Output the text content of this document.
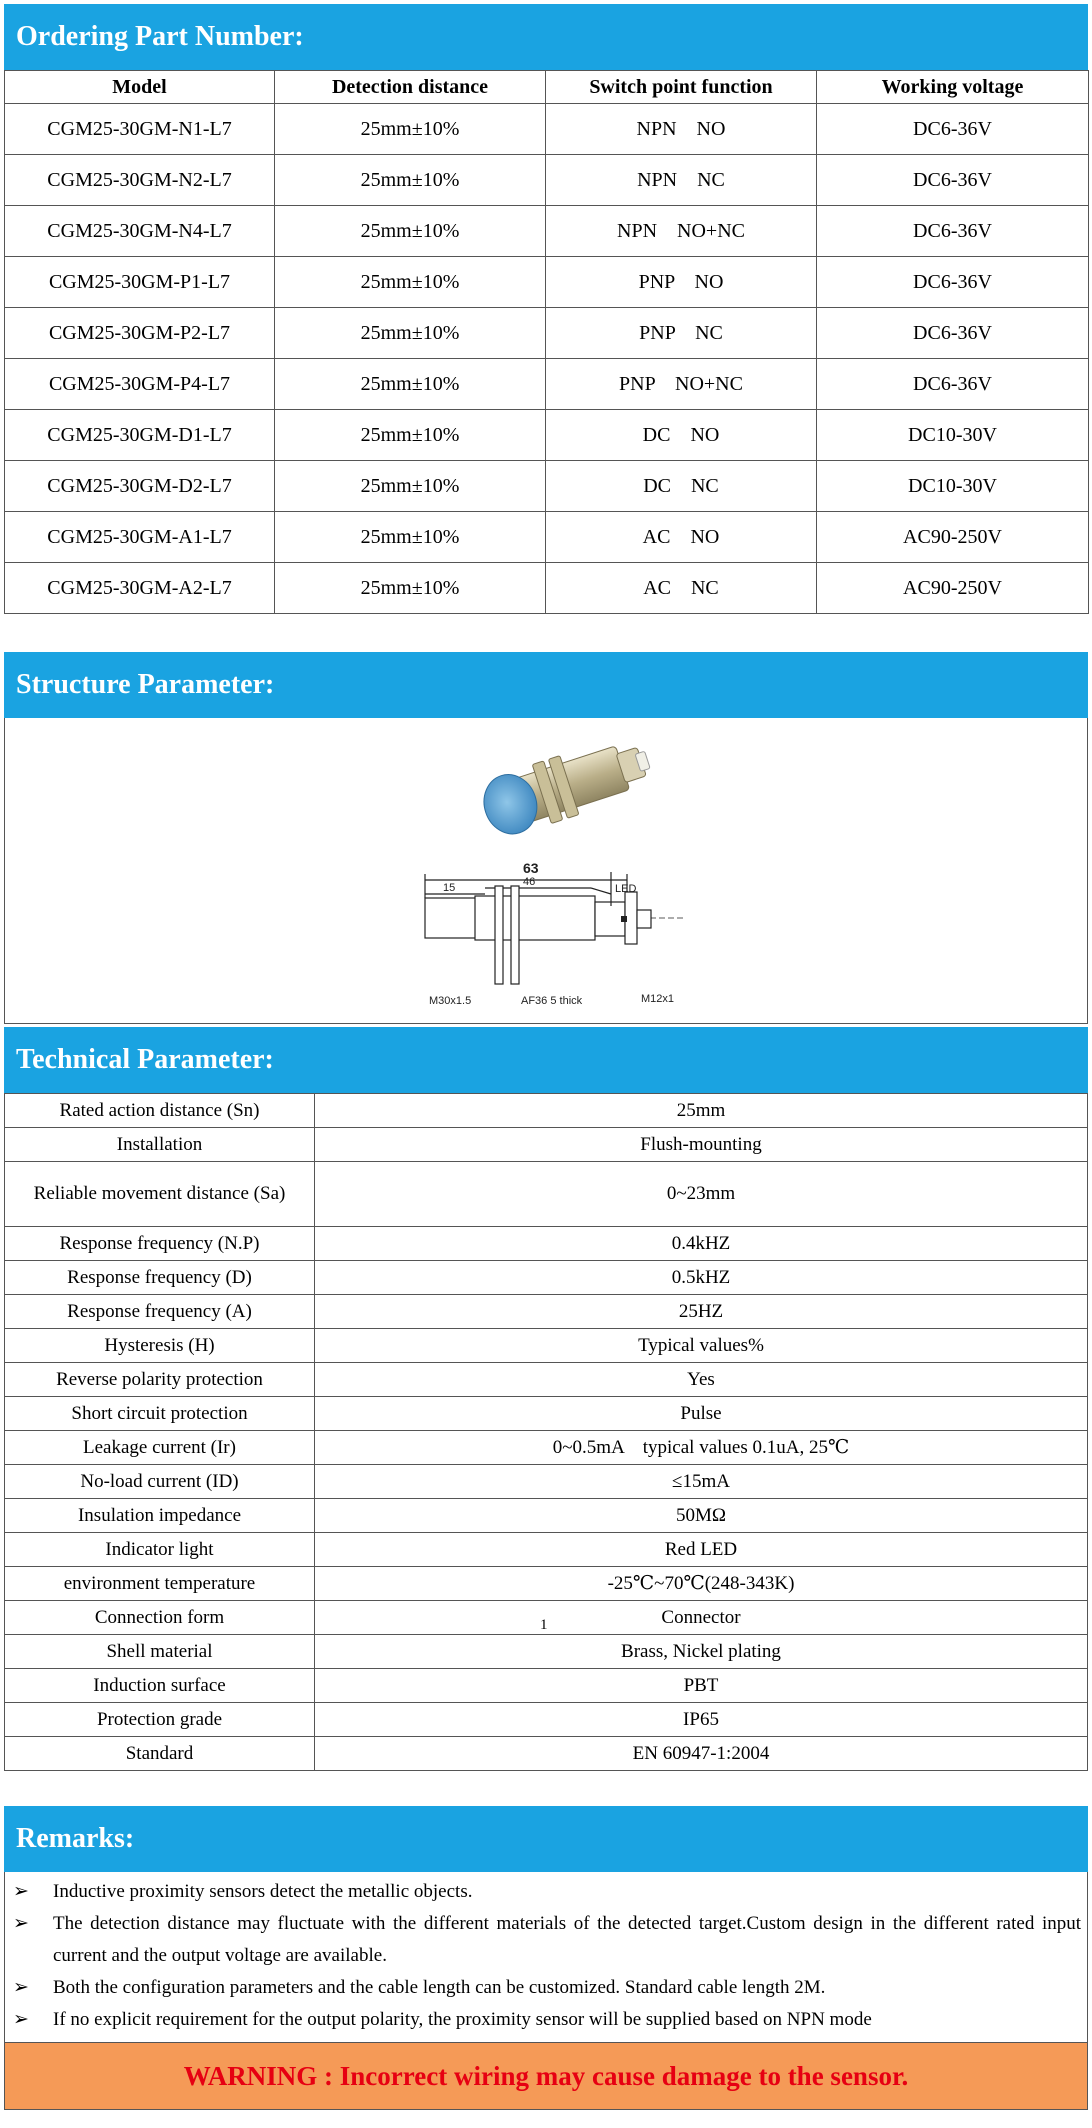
Ordering Part Number:
Model	Detection distance	Switch point function	Working voltage
CGM25-30GM-N1-L7	25mm±10%	NPN    NO	DC6-36V
CGM25-30GM-N2-L7	25mm±10%	NPN    NC	DC6-36V
CGM25-30GM-N4-L7	25mm±10%	NPN    NO+NC	DC6-36V
CGM25-30GM-P1-L7	25mm±10%	PNP    NO	DC6-36V
CGM25-30GM-P2-L7	25mm±10%	PNP    NC	DC6-36V
CGM25-30GM-P4-L7	25mm±10%	PNP    NO+NC	DC6-36V
CGM25-30GM-D1-L7	25mm±10%	DC    NO	DC10-30V
CGM25-30GM-D2-L7	25mm±10%	DC    NC	DC10-30V
CGM25-30GM-A1-L7	25mm±10%	AC    NO	AC90-250V
CGM25-30GM-A2-L7	25mm±10%	AC    NC	AC90-250V
Structure Parameter:
63
15	46
LED
M30x1.5	AF36 5 thick	M12x1
Technical Parameter:
Rated action distance (Sn)	25mm
Installation	Flush-mounting
Reliable movement distance (Sa)	0~23mm
Response frequency (N.P)	0.4kHZ
Response frequency (D)	0.5kHZ
Response frequency (A)	25HZ
Hysteresis (H)	Typical values%
Reverse polarity protection	Yes
Short circuit protection	Pulse
Leakage current (Ir)	0~0.5mA    typical values 0.1uA, 25℃
No-load current (ID)	≤15mA
Insulation impedance	50MΩ
Indicator light	Red LED
environment temperature	-25℃~70℃(248-343K)
Connection form	Connector
Shell material	Brass, Nickel plating
Induction surface	PBT
Protection grade	IP65
Standard	EN 60947-1:2004
1
Remarks:
➢	Inductive proximity sensors detect the metallic objects.
➢	The detection distance may fluctuate with the different materials of the detected target.Custom design in the different rated input current and the output voltage are available.
➢	Both the configuration parameters and the cable length can be customized. Standard cable length 2M.
➢	If no explicit requirement for the output polarity, the proximity sensor will be supplied based on NPN mode
WARNING : Incorrect wiring may cause damage to the sensor.
